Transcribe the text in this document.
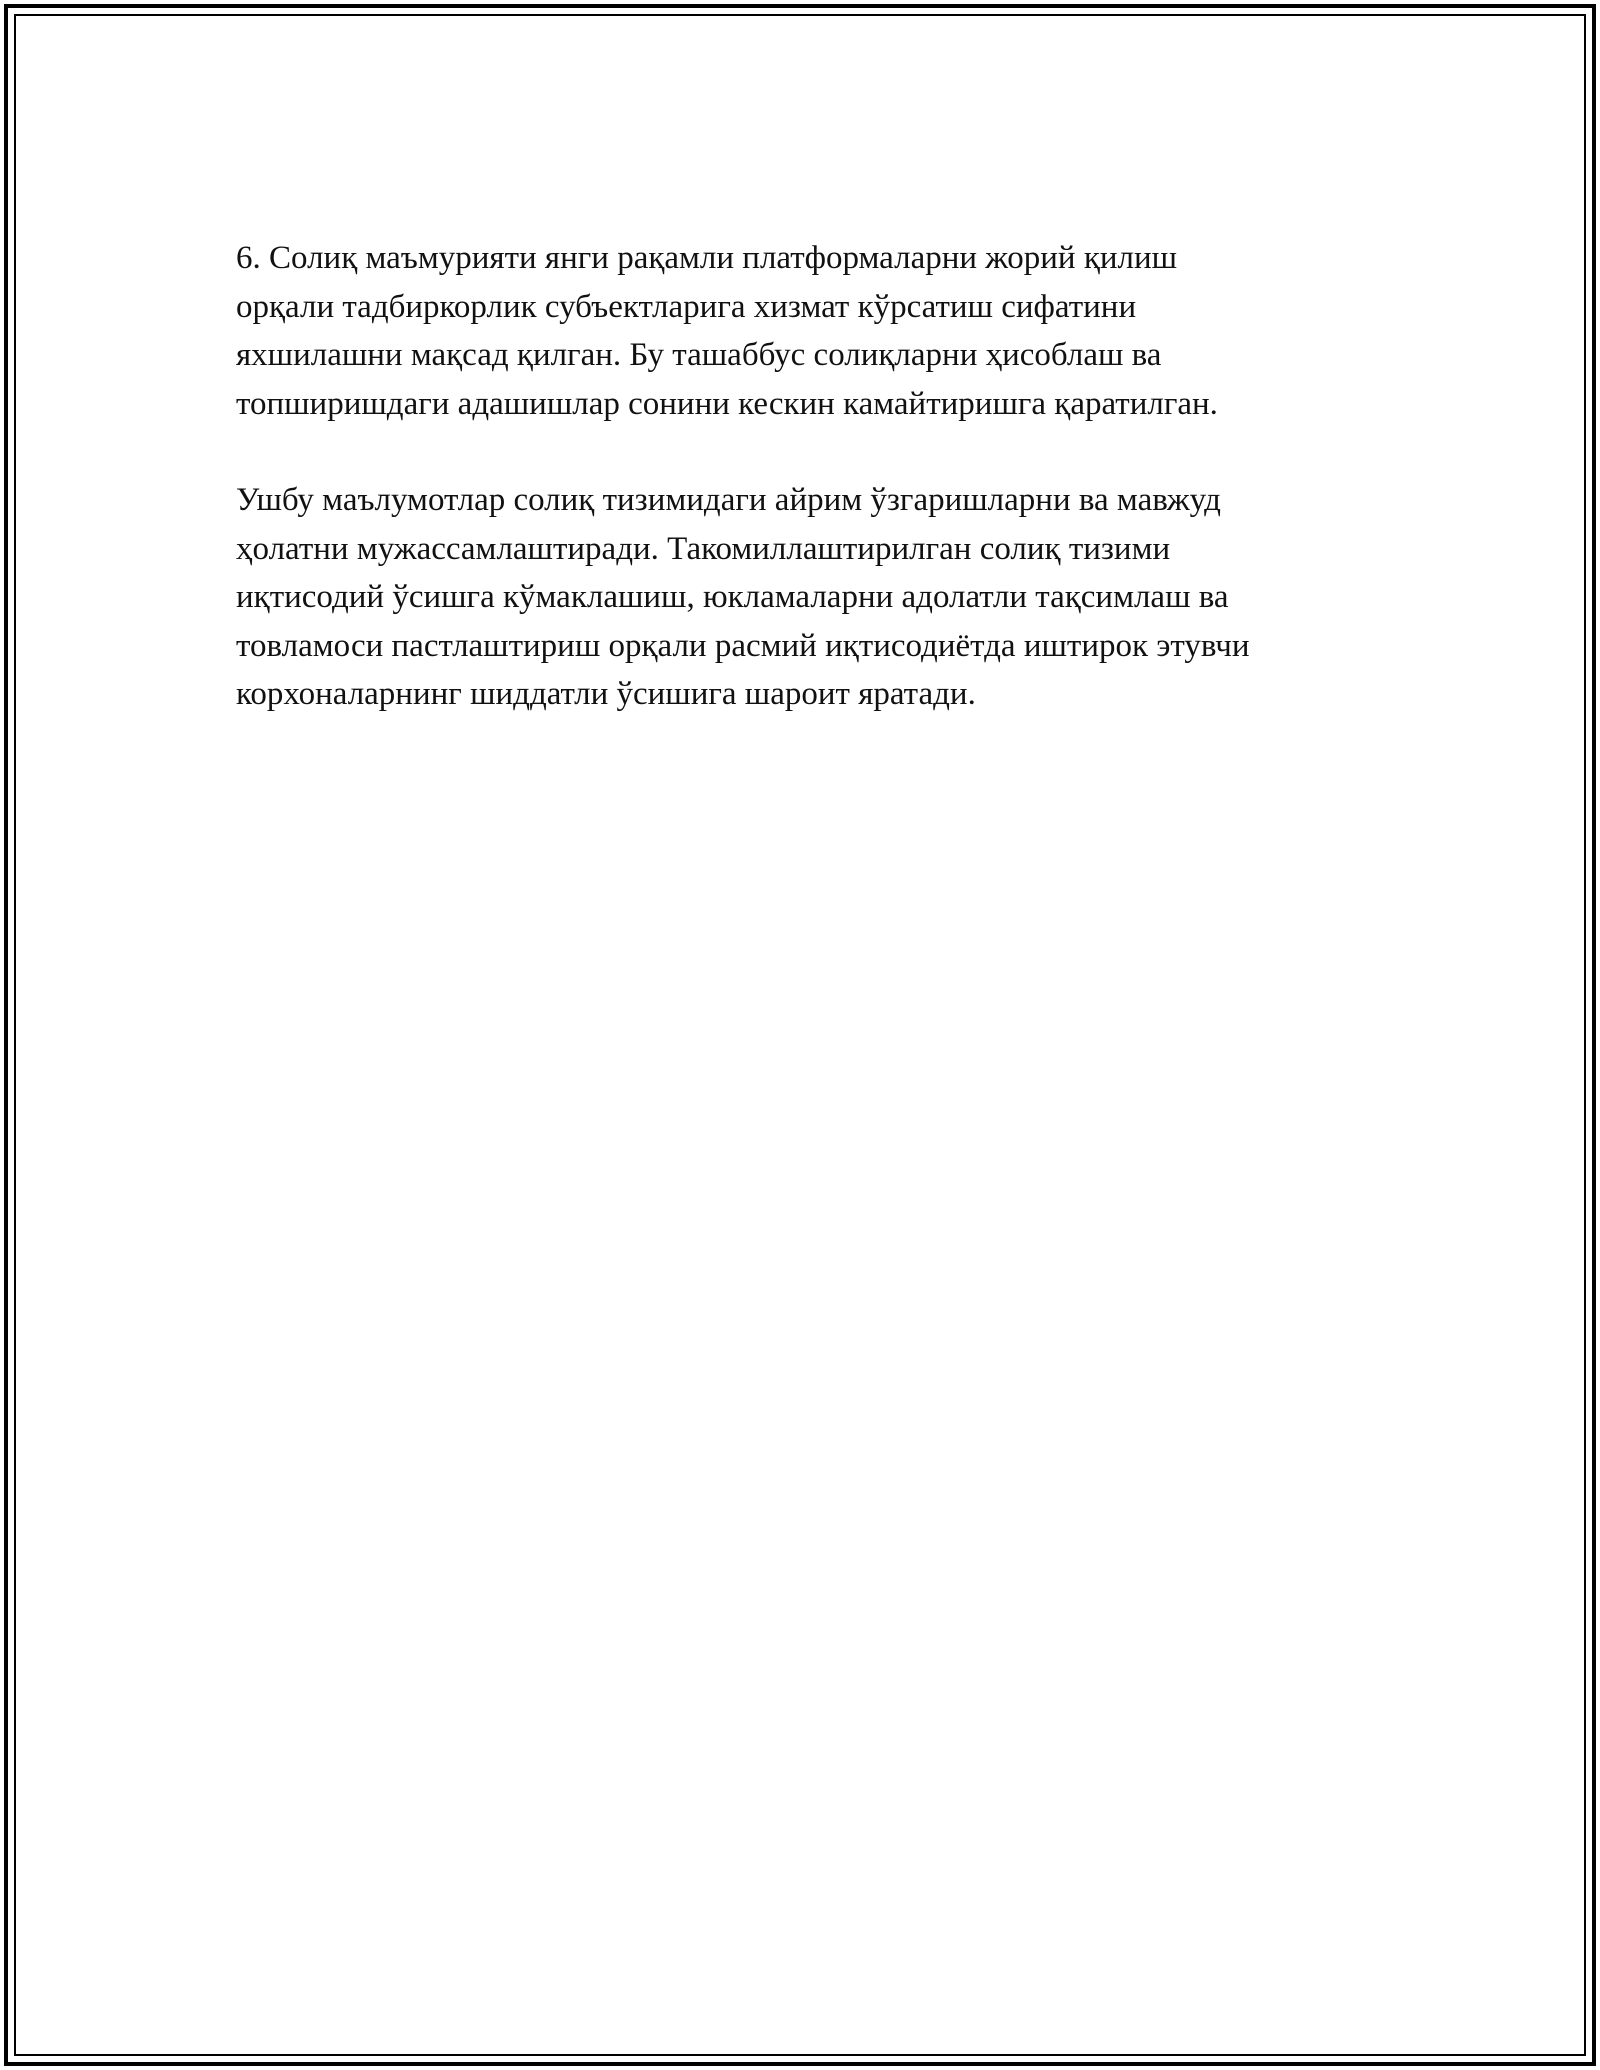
6. Солиқ маъмурияти янги рақамли платформаларни жорий қилиш
орқали тадбиркорлик субъектларига хизмат кўрсатиш сифатини
яхшилашни мақсад қилган. Бу ташаббус солиқларни ҳисоблаш ва
топширишдаги адашишлар сонини кескин камайтиришга қаратилган.

Ушбу маълумотлар солиқ тизимидаги айрим ўзгаришларни ва мавжуд
ҳолатни мужассамлаштиради. Такомиллаштирилган солиқ тизими
иқтисодий ўсишга кўмаклашиш, юкламаларни адолатли тақсимлаш ва
товламоси пастлаштириш орқали расмий иқтисодиётда иштирок этувчи
корхоналарнинг шиддатли ўсишига шароит яратади.
